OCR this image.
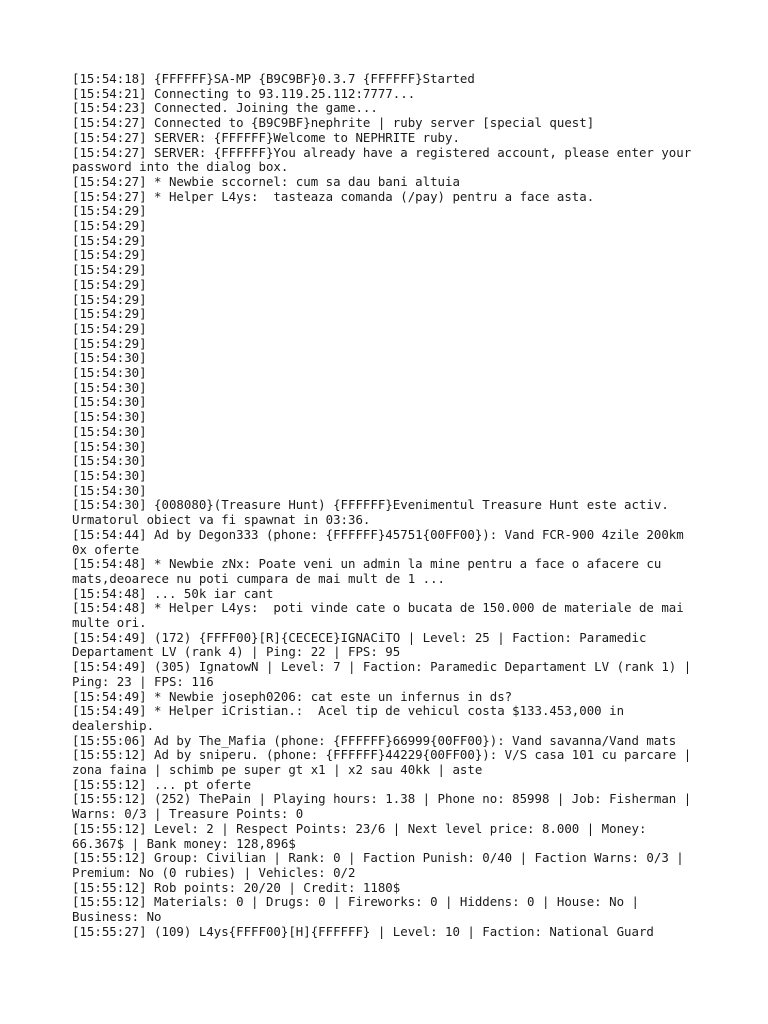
[15:54:18] {FFFFFF}SA-MP {B9C9BF}0.3.7 {FFFFFF}Started
[15:54:21] Connecting to 93.119.25.112:7777...
[15:54:23] Connected. Joining the game...
[15:54:27] Connected to {B9C9BF}nephrite | ruby server [special quest]
[15:54:27] SERVER: {FFFFFF}Welcome to NEPHRITE ruby.
[15:54:27] SERVER: {FFFFFF}You already have a registered account, please enter your password into the dialog box.
[15:54:27] * Newbie sccornel: cum sa dau bani altuia
[15:54:27] * Helper L4ys:  tasteaza comanda (/pay) pentru a face asta.
[15:54:29]
[15:54:29]
[15:54:29]
[15:54:29]
[15:54:29]
[15:54:29]
[15:54:29]
[15:54:29]
[15:54:29]
[15:54:29]
[15:54:30]
[15:54:30]
[15:54:30]
[15:54:30]
[15:54:30]
[15:54:30]
[15:54:30]
[15:54:30]
[15:54:30]
[15:54:30]
[15:54:30] {008080}(Treasure Hunt) {FFFFFF}Evenimentul Treasure Hunt este activ. Urmatorul obiect va fi spawnat in 03:36.
[15:54:44] Ad by Degon333 (phone: {FFFFFF}45751{00FF00}): Vand FCR-900 4zile 200km 0x oferte
[15:54:48] * Newbie zNx: Poate veni un admin la mine pentru a face o afacere cu mats,deoarece nu poti cumpara de mai mult de 1 ...
[15:54:48] ... 50k iar cant
[15:54:48] * Helper L4ys:  poti vinde cate o bucata de 150.000 de materiale de mai multe ori.
[15:54:49] (172) {FFFF00}[R]{CECECE}IGNACiTO | Level: 25 | Faction: Paramedic Departament LV (rank 4) | Ping: 22 | FPS: 95
[15:54:49] (305) IgnatowN | Level: 7 | Faction: Paramedic Departament LV (rank 1) | Ping: 23 | FPS: 116
[15:54:49] * Newbie joseph0206: cat este un infernus in ds?
[15:54:49] * Helper iCristian.:  Acel tip de vehicul costa $133.453,000 in dealership.
[15:55:06] Ad by The_Mafia (phone: {FFFFFF}66999{00FF00}): Vand savanna/Vand mats
[15:55:12] Ad by sniperu. (phone: {FFFFFF}44229{00FF00}): V/S casa 101 cu parcare | zona faina | schimb pe super gt x1 | x2 sau 40kk | aste
[15:55:12] ... pt oferte
[15:55:12] (252) ThePain | Playing hours: 1.38 | Phone no: 85998 | Job: Fisherman | Warns: 0/3 | Treasure Points: 0
[15:55:12] Level: 2 | Respect Points: 23/6 | Next level price: 8.000 | Money: 66.367$ | Bank money: 128,896$
[15:55:12] Group: Civilian | Rank: 0 | Faction Punish: 0/40 | Faction Warns: 0/3 | Premium: No (0 rubies) | Vehicles: 0/2
[15:55:12] Rob points: 20/20 | Credit: 1180$
[15:55:12] Materials: 0 | Drugs: 0 | Fireworks: 0 | Hiddens: 0 | House: No | Business: No
[15:55:27] (109) L4ys{FFFF00}[H]{FFFFFF} | Level: 10 | Faction: National Guard
